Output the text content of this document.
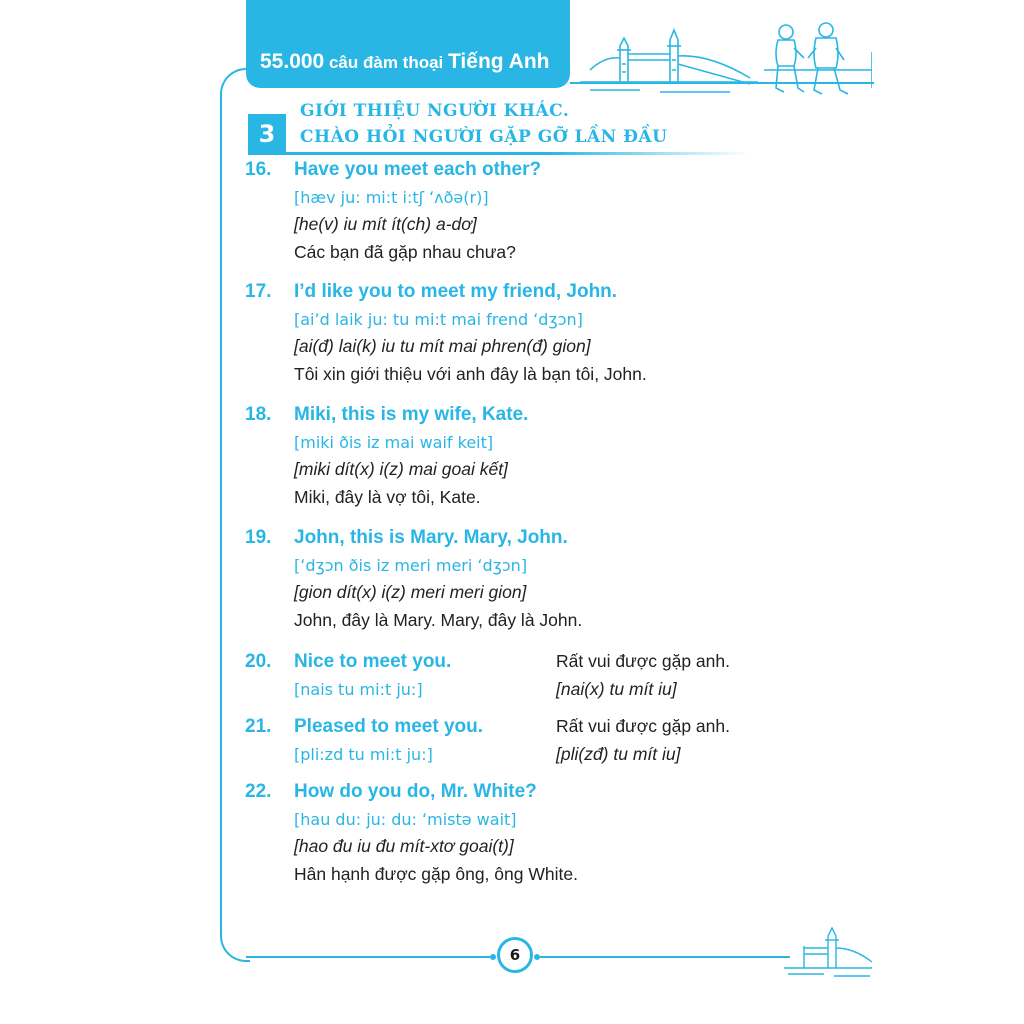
55.000 câu đàm thoại Tiếng Anh
6
3
GIỚI THIỆU NGƯỜI KHÁC.
CHÀO HỎI NGƯỜI GẶP GỠ LẦN ĐẦU
16. Have you meet each other?
[hæv ju: mi:t i:tʃ ʻʌðə(r)]
[he(v) iu mít ít(ch) a-dơ]
Các bạn đã gặp nhau chưa?
17. I’d like you to meet my friend, John.
[ai’d laik ju: tu mi:t mai frend ʻdʒɔn]
[ai(đ) lai(k) iu tu mít mai phren(đ) gion]
Tôi xin giới thiệu với anh đây là bạn tôi, John.
18. Miki, this is my wife, Kate.
[miki ðis iz mai waif keit]
[miki dít(x) i(z) mai goai kết]
Miki, đây là vợ tôi, Kate.
19. John, this is Mary. Mary, John.
[ʻdʒɔn ðis iz meri meri ʻdʒɔn]
[gion dít(x) i(z) meri meri gion]
John, đây là Mary. Mary, đây là John.
20. Nice to meet you.
[nais tu mi:t ju:]
Rất vui được gặp anh.
[nai(x) tu mít iu]
21. Pleased to meet you.
[pli:zd tu mi:t ju:]
Rất vui được gặp anh.
[pli(zđ) tu mít iu]
22. How do you do, Mr. White?
[hau du: ju: du: ʻmistə wait]
[hao đu iu đu mít-xtơ goai(t)]
Hân hạnh được gặp ông, ông White.
